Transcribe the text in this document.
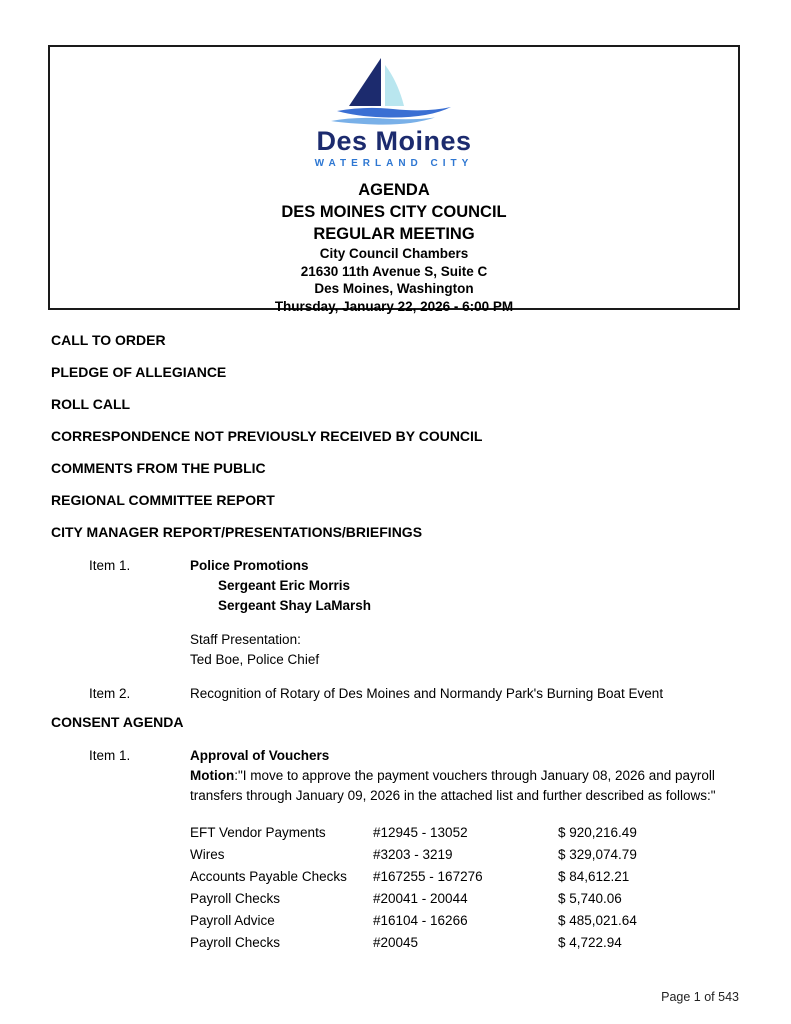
Des Moines
WATERLAND CITY
AGENDA
DES MOINES CITY COUNCIL
REGULAR MEETING
City Council Chambers
21630 11th Avenue S, Suite C
Des Moines, Washington
Thursday, January 22, 2026 - 6:00 PM
CALL TO ORDER
PLEDGE OF ALLEGIANCE
ROLL CALL
CORRESPONDENCE NOT PREVIOUSLY RECEIVED BY COUNCIL
COMMENTS FROM THE PUBLIC
REGIONAL COMMITTEE REPORT
CITY MANAGER REPORT/PRESENTATIONS/BRIEFINGS
Item 1.	Police Promotions
Sergeant Eric Morris
Sergeant Shay LaMarsh
Staff Presentation:
Ted Boe, Police Chief
Item 2.	Recognition of Rotary of Des Moines and Normandy Park's Burning Boat Event
CONSENT AGENDA
Item 1.	Approval of Vouchers
Motion:"I move to approve the payment vouchers through January 08, 2026 and payroll transfers through January 09, 2026 in the attached list and further described as follows:"
EFT Vendor Payments	#12945 - 13052	$ 920,216.49
Wires	#3203 - 3219	$ 329,074.79
Accounts Payable Checks	#167255 - 167276	$ 84,612.21
Payroll Checks	#20041 - 20044	$ 5,740.06
Payroll Advice	#16104 - 16266	$ 485,021.64
Payroll Checks	#20045	$ 4,722.94
Page 1 of 543
